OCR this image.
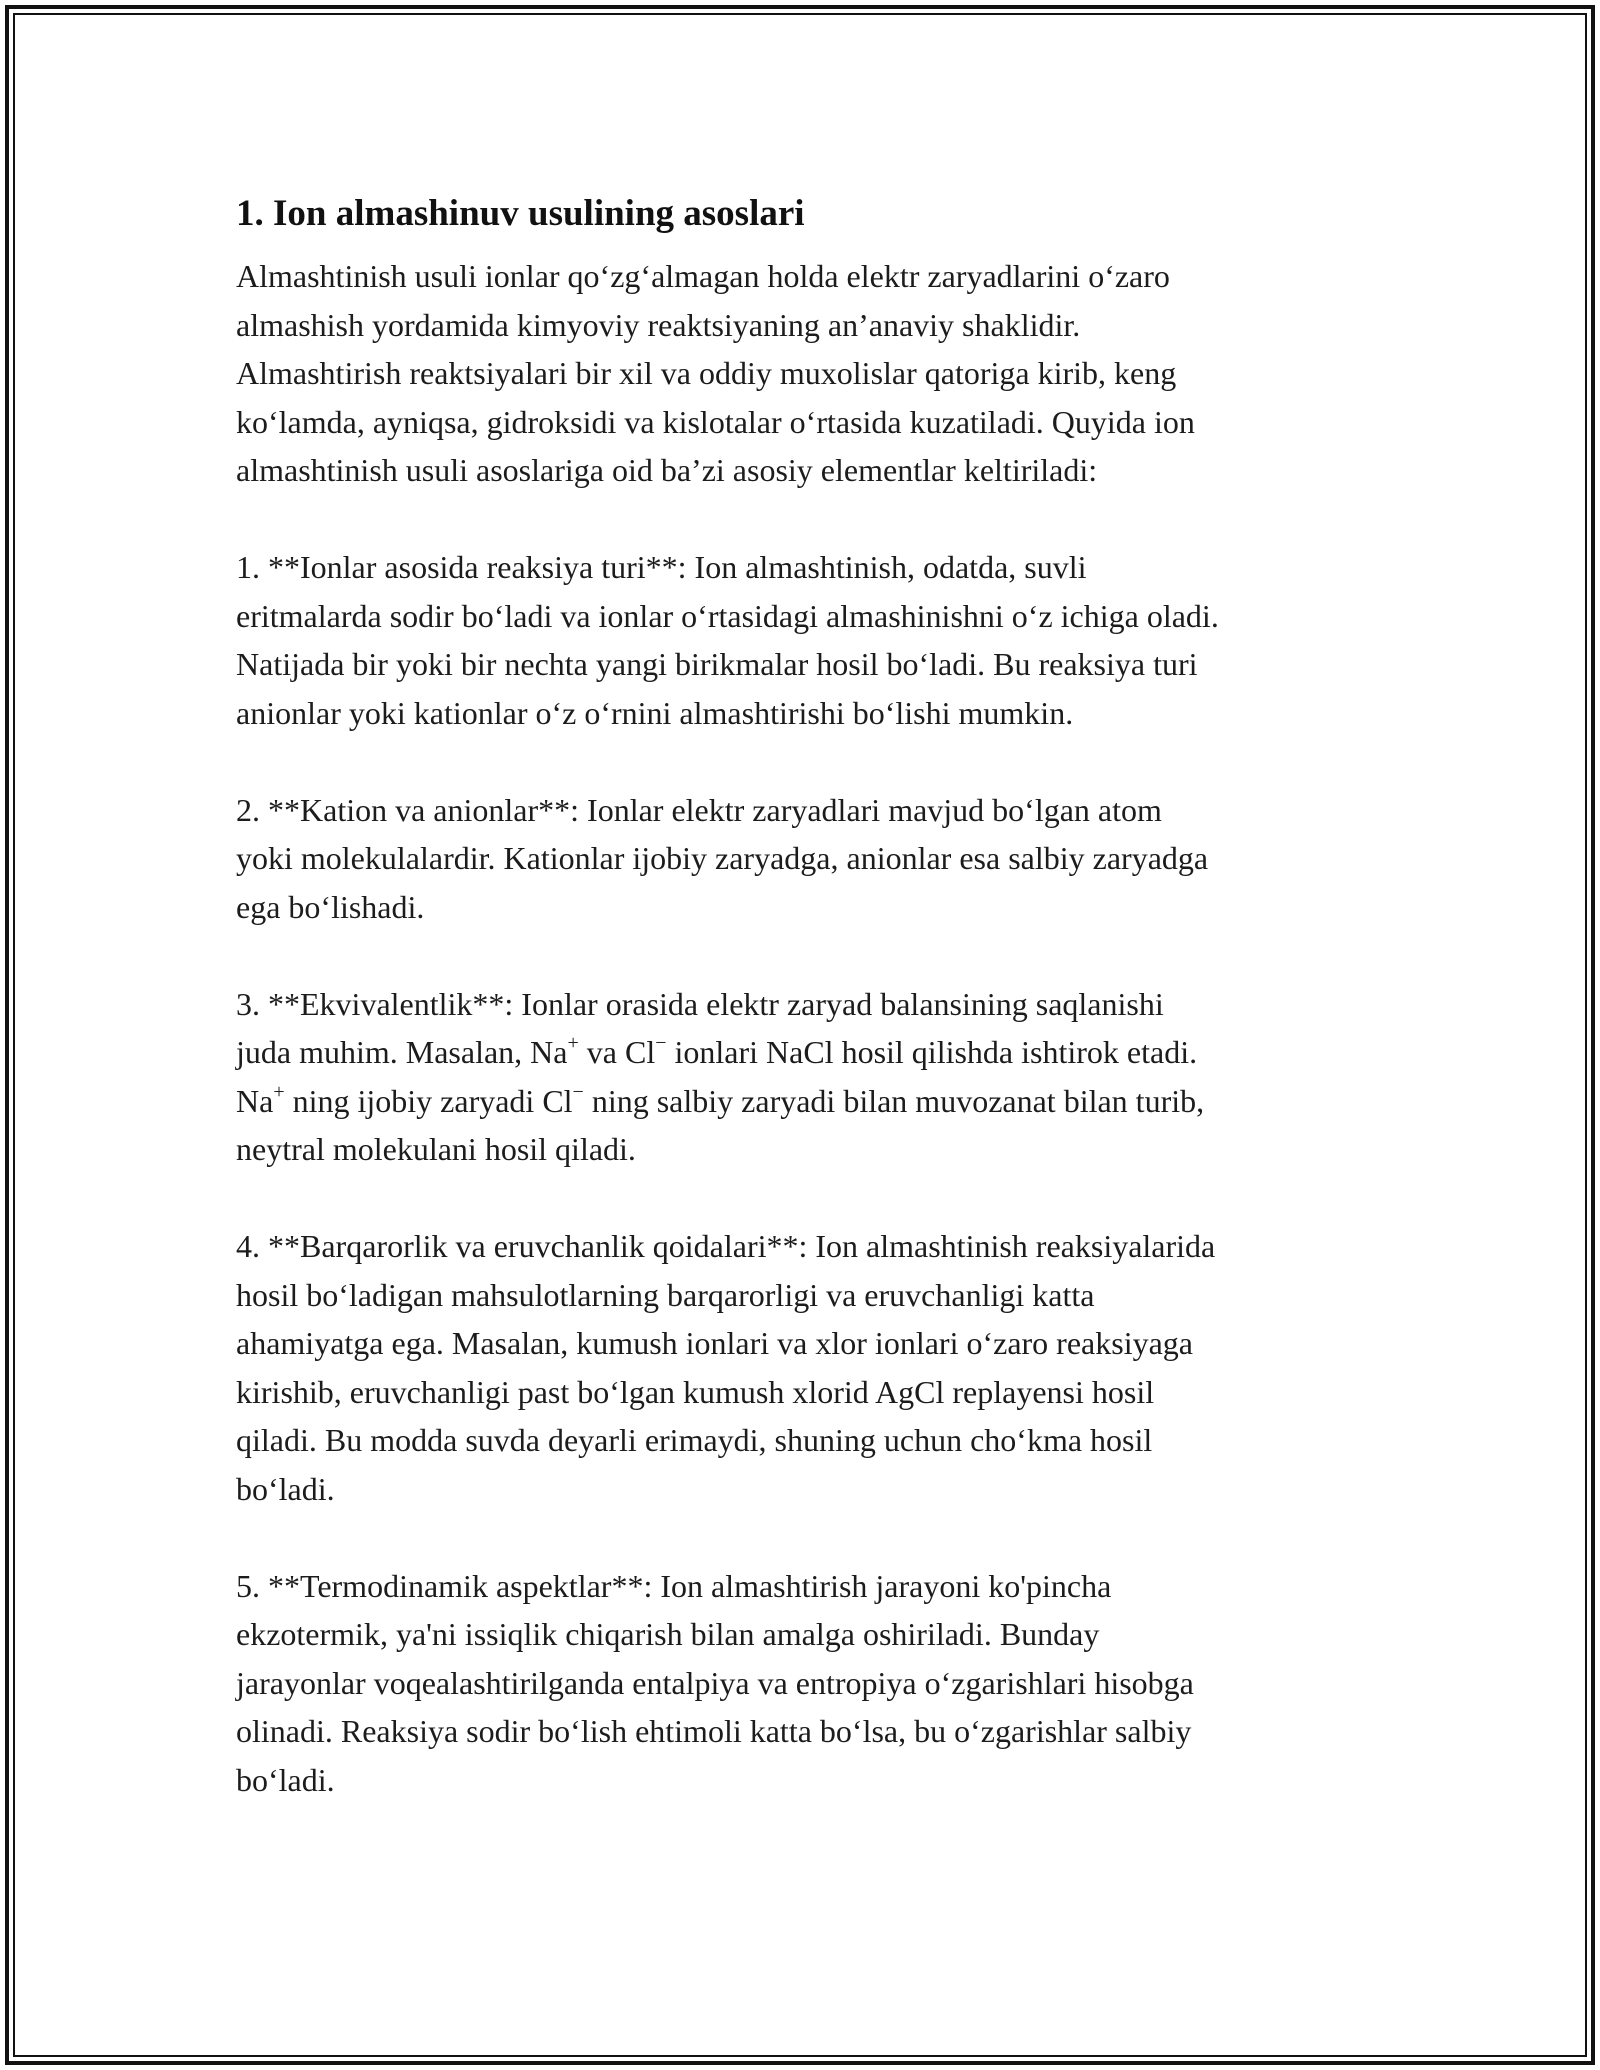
1. Ion almashinuv usulining asoslari

Almashtinish usuli ionlar qoʻzgʻalmagan holda elektr zaryadlarini oʻzaro
almashish yordamida kimyoviy reaktsiyaning an’anaviy shaklidir.
Almashtirish reaktsiyalari bir xil va oddiy muxolislar qatoriga kirib, keng
koʻlamda, ayniqsa, gidroksidi va kislotalar oʻrtasida kuzatiladi. Quyida ion
almashtinish usuli asoslariga oid baʼzi asosiy elementlar keltiriladi:

1. **Ionlar asosida reaksiya turi**: Ion almashtinish, odatda, suvli
eritmalarda sodir boʻladi va ionlar oʻrtasidagi almashinishni oʻz ichiga oladi.
Natijada bir yoki bir nechta yangi birikmalar hosil boʻladi. Bu reaksiya turi
anionlar yoki kationlar oʻz oʻrnini almashtirishi boʻlishi mumkin.

2. **Kation va anionlar**: Ionlar elektr zaryadlari mavjud boʻlgan atom
yoki molekulalardir. Kationlar ijobiy zaryadga, anionlar esa salbiy zaryadga
ega boʻlishadi.

3. **Ekvivalentlik**: Ionlar orasida elektr zaryad balansining saqlanishi
juda muhim. Masalan, Na+ va Cl− ionlari NaCl hosil qilishda ishtirok etadi.
Na+ ning ijobiy zaryadi Cl− ning salbiy zaryadi bilan muvozanat bilan turib,
neytral molekulani hosil qiladi.

4. **Barqarorlik va eruvchanlik qoidalari**: Ion almashtinish reaksiyalarida
hosil boʻladigan mahsulotlarning barqarorligi va eruvchanligi katta
ahamiyatga ega. Masalan, kumush ionlari va xlor ionlari oʻzaro reaksiyaga
kirishib, eruvchanligi past boʻlgan kumush xlorid AgCl replayensi hosil
qiladi. Bu modda suvda deyarli erimaydi, shuning uchun choʻkma hosil
boʻladi.

5. **Termodinamik aspektlar**: Ion almashtirish jarayoni ko'pincha
ekzotermik, ya'ni issiqlik chiqarish bilan amalga oshiriladi. Bunday
jarayonlar voqealashtirilganda entalpiya va entropiya oʻzgarishlari hisobga
olinadi. Reaksiya sodir boʻlish ehtimoli katta boʻlsa, bu oʻzgarishlar salbiy
boʻladi.
